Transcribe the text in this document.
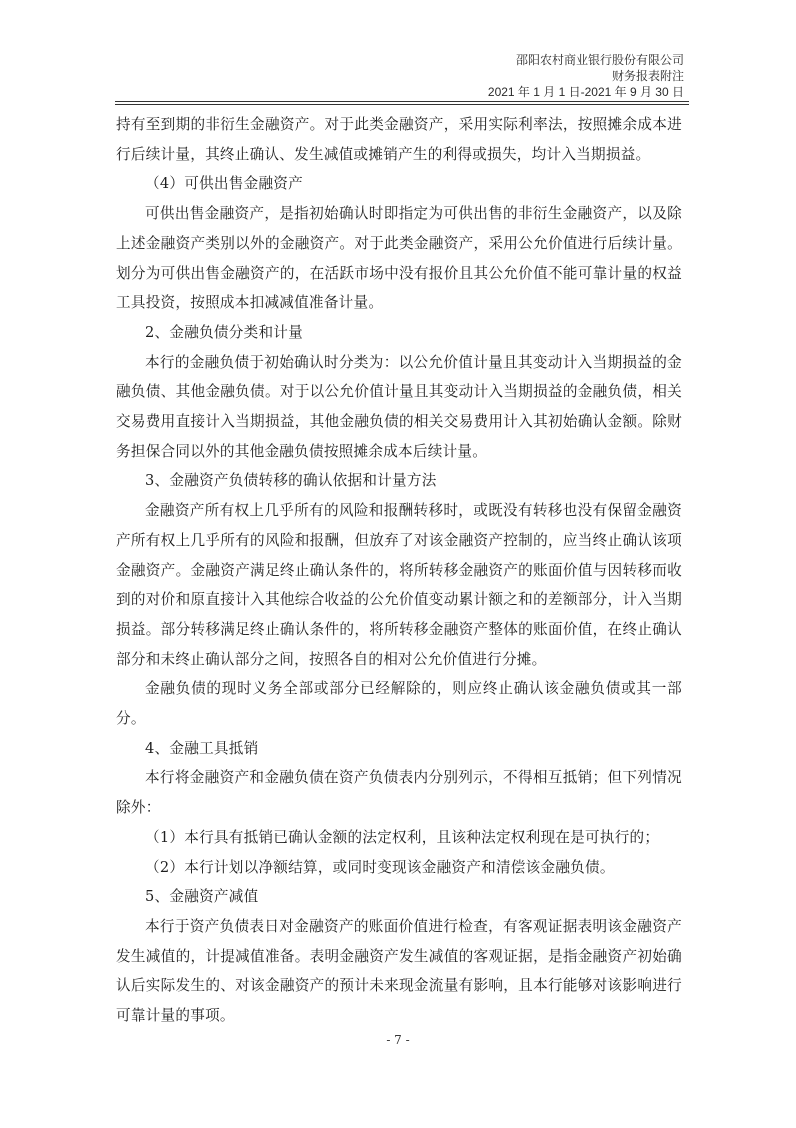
邵阳农村商业银行股份有限公司
财务报表附注
2021 年 1 月 1 日-2021 年 9 月 30 日

持有至到期的非衍生金融资产。对于此类金融资产，采用实际利率法，按照摊余成本进行后续计量，其终止确认、发生减值或摊销产生的利得或损失，均计入当期损益。

（4）可供出售金融资产

可供出售金融资产，是指初始确认时即指定为可供出售的非衍生金融资产，以及除上述金融资产类别以外的金融资产。对于此类金融资产，采用公允价值进行后续计量。划分为可供出售金融资产的，在活跃市场中没有报价且其公允价值不能可靠计量的权益工具投资，按照成本扣减减值准备计量。

2、金融负债分类和计量

本行的金融负债于初始确认时分类为：以公允价值计量且其变动计入当期损益的金融负债、其他金融负债。对于以公允价值计量且其变动计入当期损益的金融负债，相关交易费用直接计入当期损益，其他金融负债的相关交易费用计入其初始确认金额。除财务担保合同以外的其他金融负债按照摊余成本后续计量。

3、金融资产负债转移的确认依据和计量方法

金融资产所有权上几乎所有的风险和报酬转移时，或既没有转移也没有保留金融资产所有权上几乎所有的风险和报酬，但放弃了对该金融资产控制的，应当终止确认该项金融资产。金融资产满足终止确认条件的，将所转移金融资产的账面价值与因转移而收到的对价和原直接计入其他综合收益的公允价值变动累计额之和的差额部分，计入当期损益。部分转移满足终止确认条件的，将所转移金融资产整体的账面价值，在终止确认部分和未终止确认部分之间，按照各自的相对公允价值进行分摊。

金融负债的现时义务全部或部分已经解除的，则应终止确认该金融负债或其一部分。

4、金融工具抵销

本行将金融资产和金融负债在资产负债表内分别列示，不得相互抵销；但下列情况除外：

（1）本行具有抵销已确认金额的法定权利，且该种法定权利现在是可执行的；

（2）本行计划以净额结算，或同时变现该金融资产和清偿该金融负债。

5、金融资产减值

本行于资产负债表日对金融资产的账面价值进行检查，有客观证据表明该金融资产发生减值的，计提减值准备。表明金融资产发生减值的客观证据，是指金融资产初始确认后实际发生的、对该金融资产的预计未来现金流量有影响，且本行能够对该影响进行可靠计量的事项。

- 7 -
